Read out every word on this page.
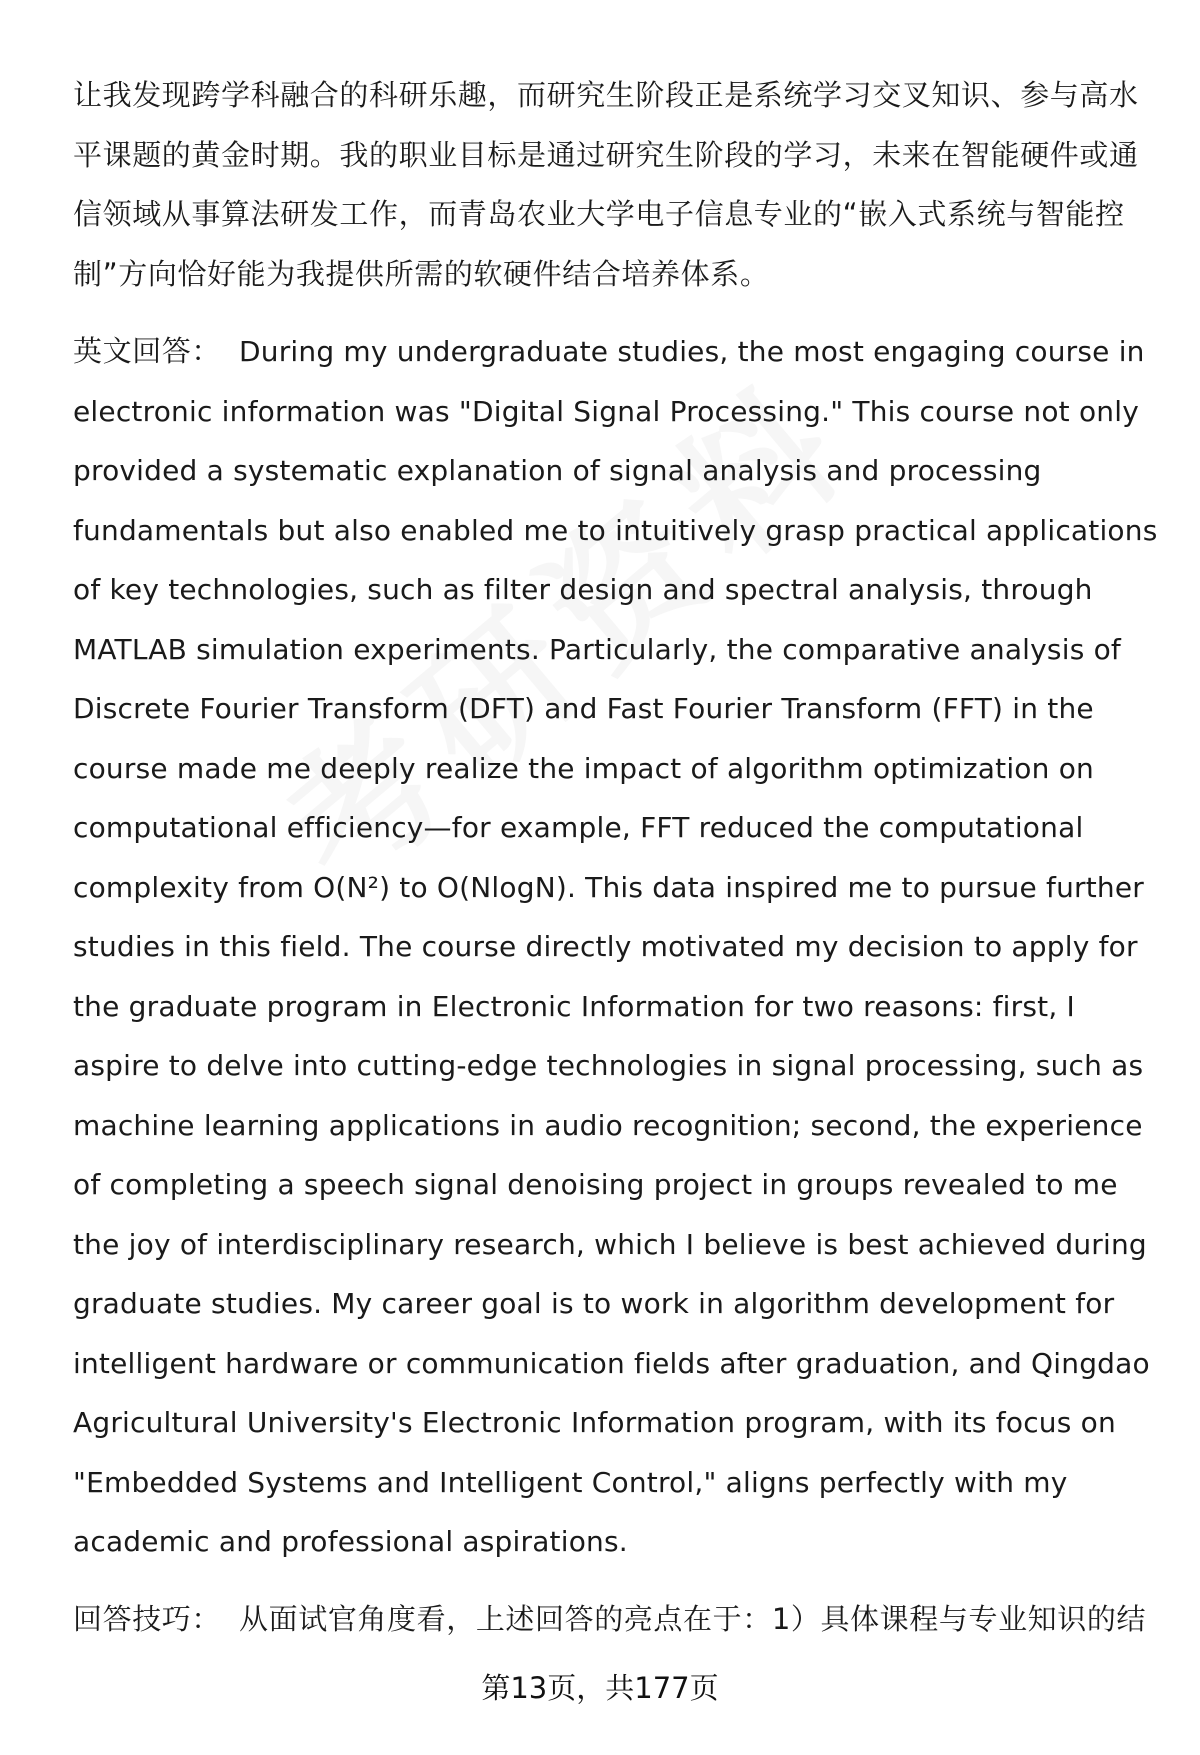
让我发现跨学科融合的科研乐趣，而研究生阶段正是系统学习交叉知识、参与高水平课题的黄金时期。我的职业目标是通过研究生阶段的学习，未来在智能硬件或通信领域从事算法研发工作，而青岛农业大学电子信息专业的“嵌入式系统与智能控制”方向恰好能为我提供所需的软硬件结合培养体系。

英文回答： During my undergraduate studies, the most engaging course in electronic information was "Digital Signal Processing." This course not only provided a systematic explanation of signal analysis and processing fundamentals but also enabled me to intuitively grasp practical applications of key technologies, such as filter design and spectral analysis, through MATLAB simulation experiments. Particularly, the comparative analysis of Discrete Fourier Transform (DFT) and Fast Fourier Transform (FFT) in the course made me deeply realize the impact of algorithm optimization on computational efficiency—for example, FFT reduced the computational complexity from O(N²) to O(NlogN). This data inspired me to pursue further studies in this field. The course directly motivated my decision to apply for the graduate program in Electronic Information for two reasons: first, I aspire to delve into cutting-edge technologies in signal processing, such as machine learning applications in audio recognition; second, the experience of completing a speech signal denoising project in groups revealed to me the joy of interdisciplinary research, which I believe is best achieved during graduate studies. My career goal is to work in algorithm development for intelligent hardware or communication fields after graduation, and Qingdao Agricultural University's Electronic Information program, with its focus on "Embedded Systems and Intelligent Control," aligns perfectly with my academic and professional aspirations.

回答技巧： 从面试官角度看，上述回答的亮点在于：1）具体课程与专业知识的结

第13页，共177页
